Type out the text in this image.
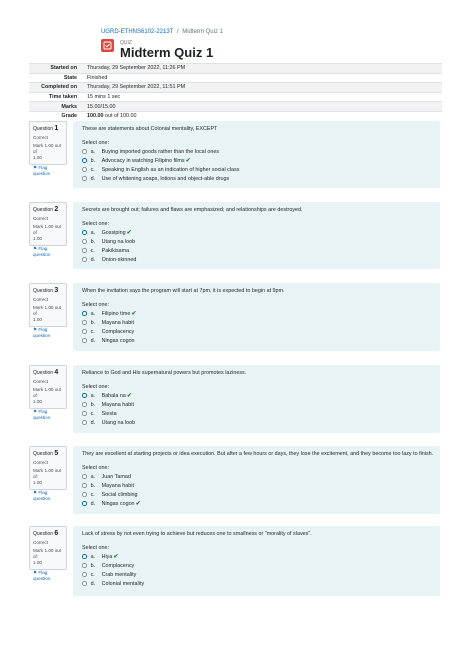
UGRD-ETHNS6102-2213T / Midterm Quiz 1
QUIZ
Midterm Quiz 1
Started on	Thursday, 29 September 2022, 11:26 PM
State	Finished
Completed on	Thursday, 29 September 2022, 11:51 PM
Time taken	15 mins 1 sec
Marks	15.00/15.00
Grade	100.00 out of 100.00
Question 1
Correct
Mark 1.00 out of
1.00
⚑ Flag question
These are statements about Colonial mentality, EXCEPT
Select one:
a.	Buying imported goods rather than the local ones
b.	Advocacy in watching Filipino films ✔
c.	Speaking in English as an indication of higher social class
d.	Use of whitening soaps, lotions and object-able drugs
Question 2
Correct
Mark 1.00 out of
1.00
⚑ Flag question
Secrets are brought out; failures and flaws are emphasized; and relationships are destroyed.
Select one:
a.	Gossiping ✔
b.	Utang na loob
c.	Pakikisama
d.	Onion-skinned
Question 3
Correct
Mark 1.00 out of
1.00
⚑ Flag question
When the invitation says the program will start at 7pm, it is expected to begin at 9pm.
Select one:
a.	Filipino time ✔
b.	Mayana habit
c.	Complacency
d.	Ningas cogon
Question 4
Correct
Mark 1.00 out of
1.00
⚑ Flag question
Reliance to God and His supernatural powers but promotes laziness.
Select one:
a.	Bahala na ✔
b.	Mayana habit
c.	Siesta
d.	Utang na loob
Question 5
Correct
Mark 1.00 out of
1.00
⚑ Flag question
They are excellent at starting projects or idea execution. But after a few hours or days, they lose the excitement, and they become too lazy to finish.
Select one:
a.	Juan Tamad
b.	Mayana habit
c.	Social climbing
d.	Ningas cogon ✔
Question 6
Correct
Mark 1.00 out of
1.00
⚑ Flag question
Lack of stress by not even trying to achieve but reduces one to smallness or "morality of slaves".
Select one:
a.	Hiya ✔
b.	Complacency
c.	Crab mentality
d.	Colonial mentality
